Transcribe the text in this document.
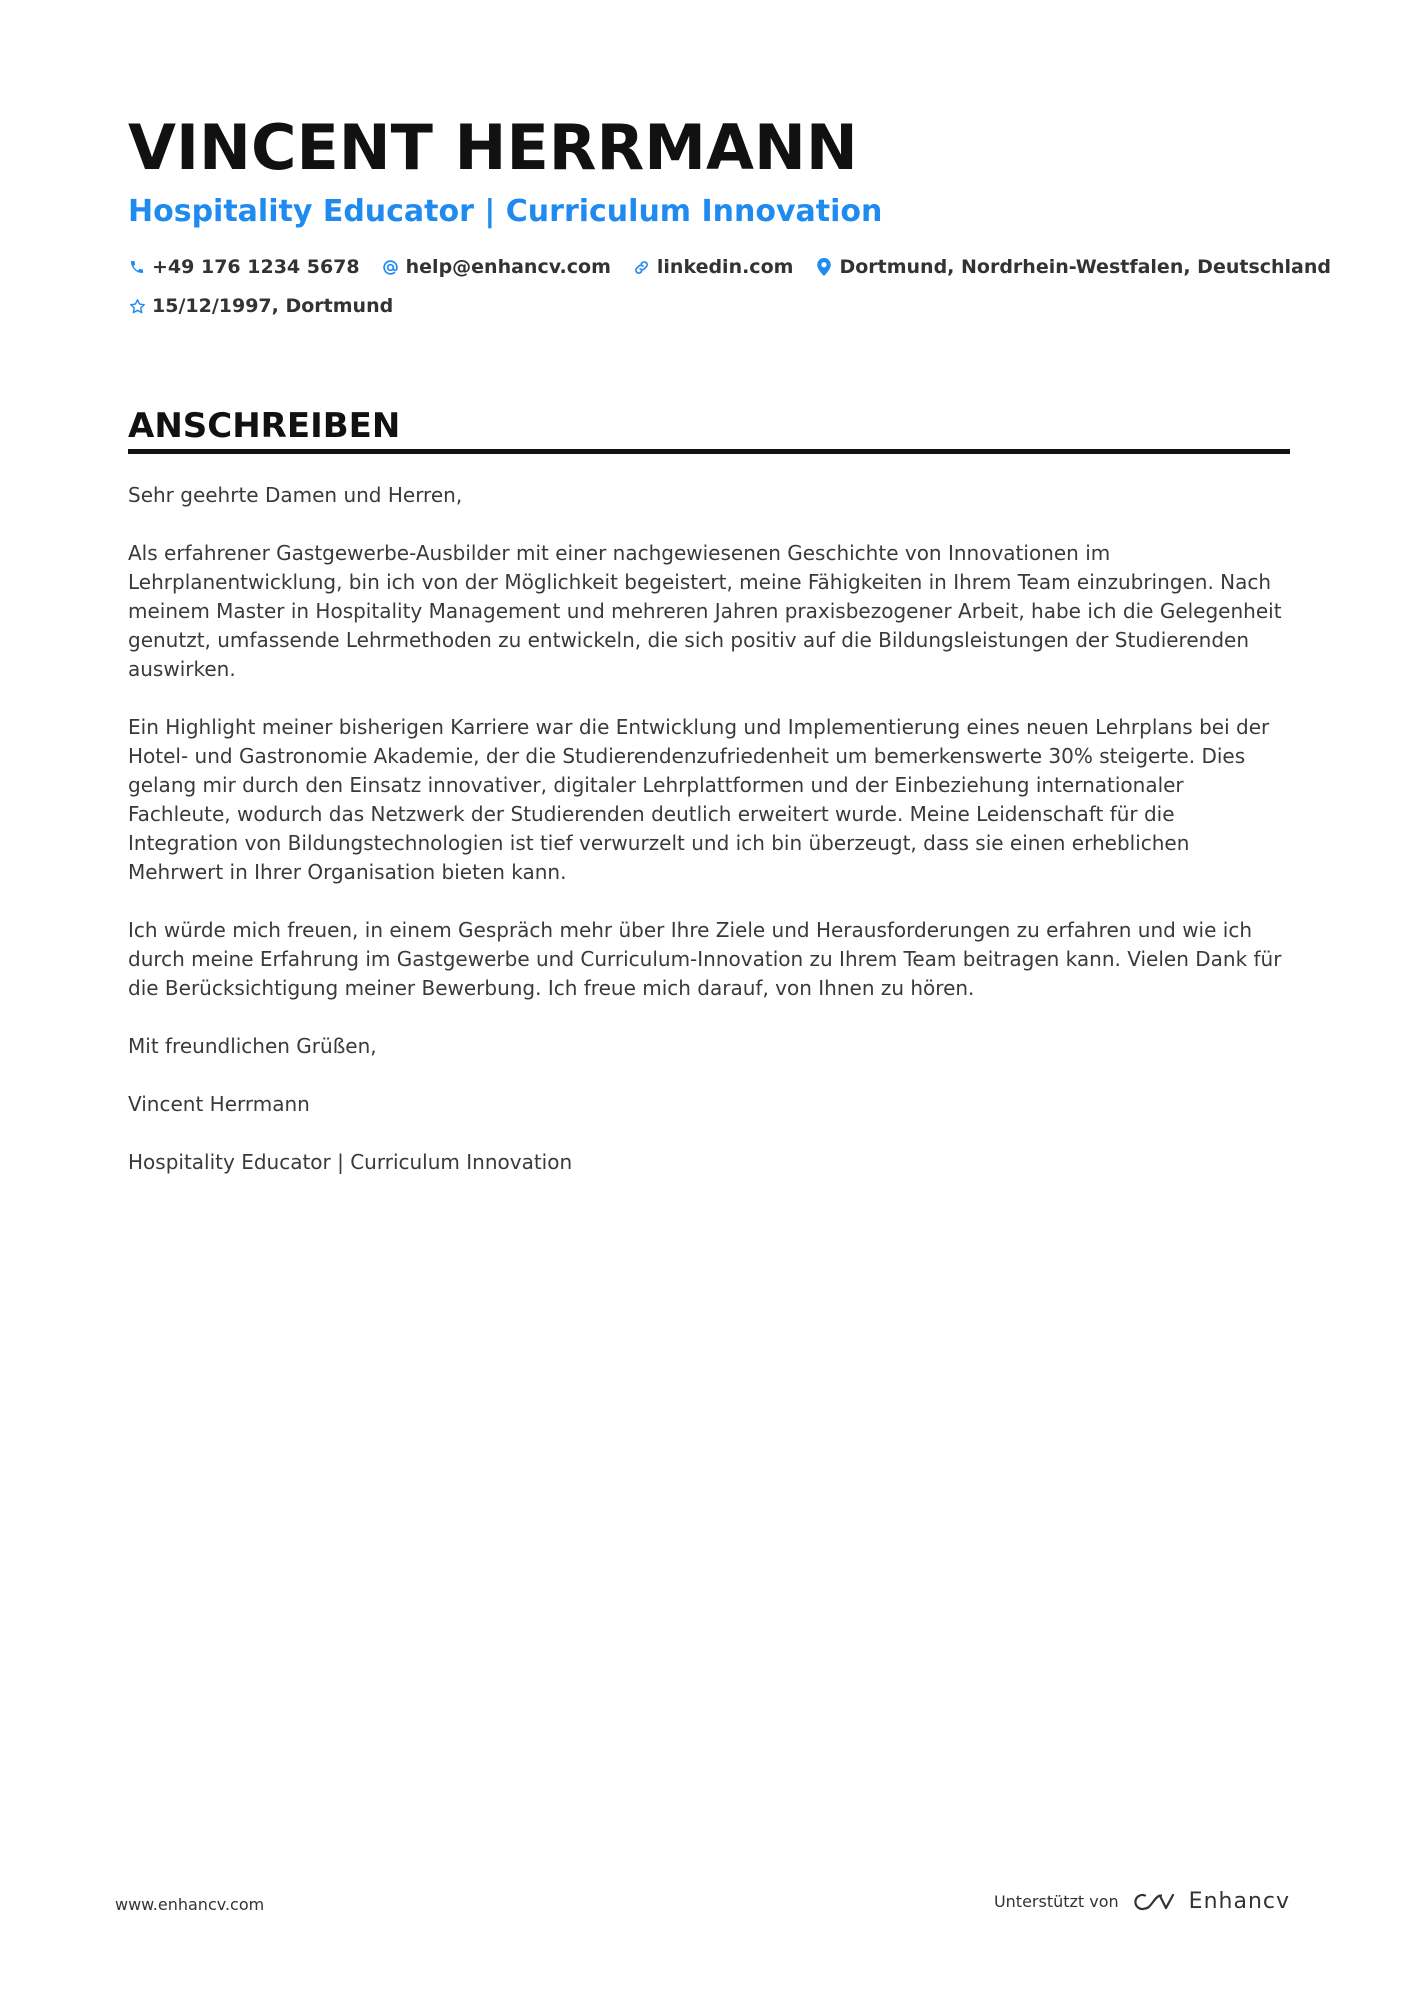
VINCENT HERRMANN
Hospitality Educator | Curriculum Innovation
+49 176 1234 5678 help@enhancv.com linkedin.com Dortmund, Nordrhein-Westfalen, Deutschland
15/12/1997, Dortmund
ANSCHREIBEN

Sehr geehrte Damen und Herren,

Als erfahrener Gastgewerbe-Ausbilder mit einer nachgewiesenen Geschichte von Innovationen im Lehrplanentwicklung, bin ich von der Möglichkeit begeistert, meine Fähigkeiten in Ihrem Team einzubringen. Nach meinem Master in Hospitality Management und mehreren Jahren praxisbezogener Arbeit, habe ich die Gelegenheit genutzt, umfassende Lehrmethoden zu entwickeln, die sich positiv auf die Bildungsleistungen der Studierenden auswirken.

Ein Highlight meiner bisherigen Karriere war die Entwicklung und Implementierung eines neuen Lehrplans bei der Hotel- und Gastronomie Akademie, der die Studierendenzufriedenheit um bemerkenswerte 30% steigerte. Dies gelang mir durch den Einsatz innovativer, digitaler Lehrplattformen und der Einbeziehung internationaler Fachleute, wodurch das Netzwerk der Studierenden deutlich erweitert wurde. Meine Leidenschaft für die Integration von Bildungstechnologien ist tief verwurzelt und ich bin überzeugt, dass sie einen erheblichen Mehrwert in Ihrer Organisation bieten kann.

Ich würde mich freuen, in einem Gespräch mehr über Ihre Ziele und Herausforderungen zu erfahren und wie ich durch meine Erfahrung im Gastgewerbe und Curriculum-Innovation zu Ihrem Team beitragen kann. Vielen Dank für die Berücksichtigung meiner Bewerbung. Ich freue mich darauf, von Ihnen zu hören.

Mit freundlichen Grüßen,

Vincent Herrmann

Hospitality Educator | Curriculum Innovation

www.enhancv.com	Unterstützt von	Enhancv
